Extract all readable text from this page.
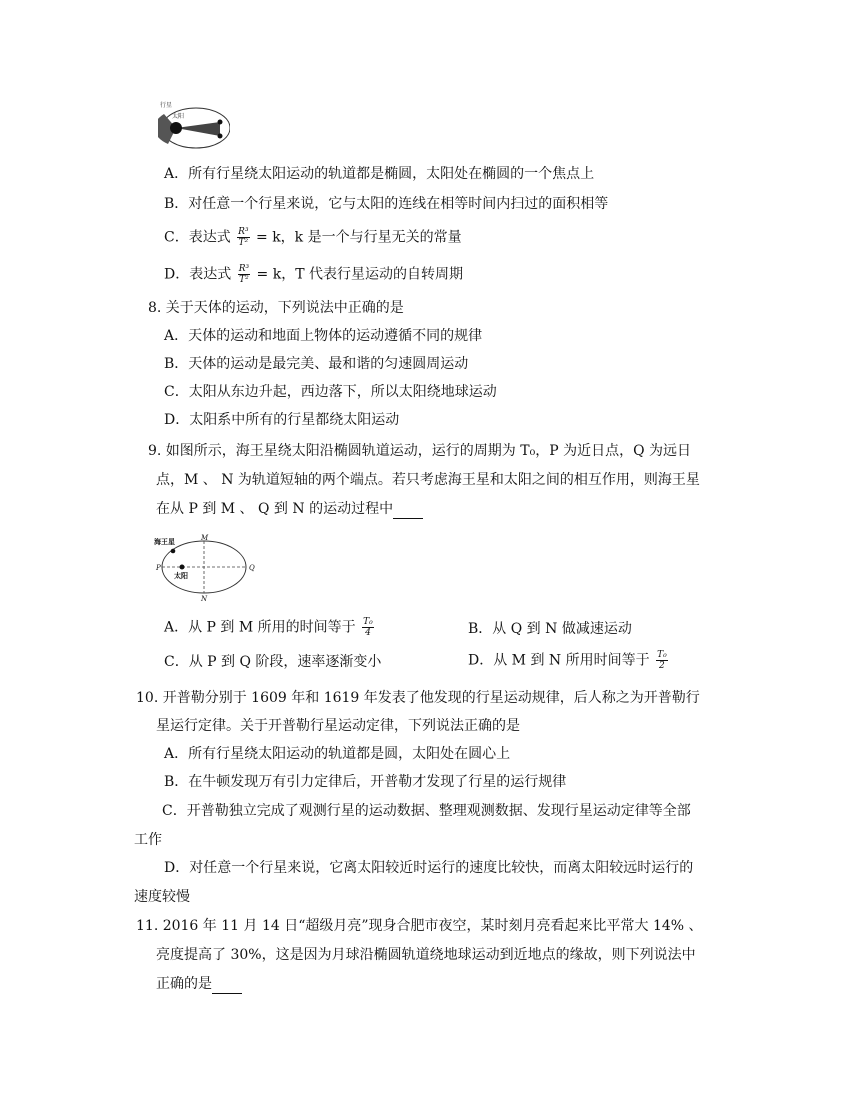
行星
太阳
A．所有行星绕太阳运动的轨道都是椭圆，太阳处在椭圆的一个焦点上
B．对任意一个行星来说，它与太阳的连线在相等时间内扫过的面积相等
C．表达式 $\frac{\text{R³}}{\text{T²}} = k$，k 是一个与行星无关的常量
D．表达式 $\frac{\text{R³}}{\text{T²}} = k$，T 代表行星运动的自转周期
8. 关于天体的运动，下列说法中正确的是
A．天体的运动和地面上物体的运动遵循不同的规律
B．天体的运动是最完美、最和谐的匀速圆周运动
C．太阳从东边升起，西边落下，所以太阳绕地球运动
D．太阳系中所有的行星都绕太阳运动
9. 如图所示，海王星绕太阳沿椭圆轨道运动，运行的周期为 T₀，P 为近日点，Q 为远日
点，M 、 N 为轨道短轴的两个端点。若只考虑海王星和太阳之间的相互作用，则海王星
在从 P 到 M 、 Q 到 N 的运动过程中
海王星
太阳
M
N
P	Q
A．从 P 到 M 所用的时间等于 $\frac{\text{T₀}}{4}$	B．从 Q 到 N 做减速运动
C．从 P 到 Q 阶段，速率逐渐变小	D．从 M 到 N 所用时间等于 $\frac{\text{T₀}}{2}$
10. 开普勒分别于 1609 年和 1619 年发表了他发现的行星运动规律，后人称之为开普勒行
星运行定律。关于开普勒行星运动定律，下列说法正确的是
A．所有行星绕太阳运动的轨道都是圆，太阳处在圆心上
B．在牛顿发现万有引力定律后，开普勒才发现了行星的运行规律
C．开普勒独立完成了观测行星的运动数据、整理观测数据、发现行星运动定律等全部
工作
D．对任意一个行星来说，它离太阳较近时运行的速度比较快，而离太阳较远时运行的
速度较慢
11. 2016 年 11 月 14 日“超级月亮”现身合肥市夜空，某时刻月亮看起来比平常大 14% 、
亮度提高了 30%，这是因为月球沿椭圆轨道绕地球运动到近地点的缘故，则下列说法中
正确的是
